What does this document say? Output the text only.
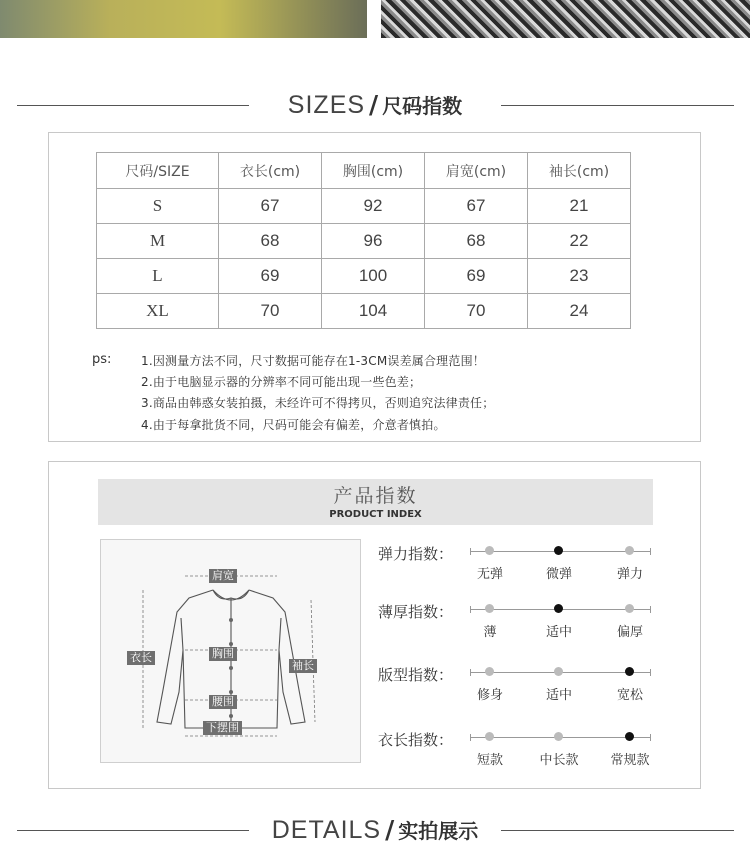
SIZES / 尺码指数
尺码/SIZE	衣长(cm)	胸围(cm)	肩宽(cm)	袖长(cm)
S	67	92	67	21
M	68	96	68	22
L	69	100	69	23
XL	70	104	70	24
ps: 1.因测量方法不同，尺寸数据可能存在1-3CM误差属合理范围！
2.由于电脑显示器的分辨率不同可能出现一些色差；
3.商品由韩惑女装拍摄，未经许可不得拷贝，否则追究法律责任；
4.由于每拿批货不同，尺码可能会有偏差，介意者慎拍。
产品指数
PRODUCT INDEX
肩宽
衣长	胸围
袖长
腰围
下摆围
弹力指数：
无弹	微弹	弹力
薄厚指数：
薄	适中	偏厚
版型指数：
修身	适中	宽松
衣长指数：
短款	中长款	常规款
DETAILS / 实拍展示
